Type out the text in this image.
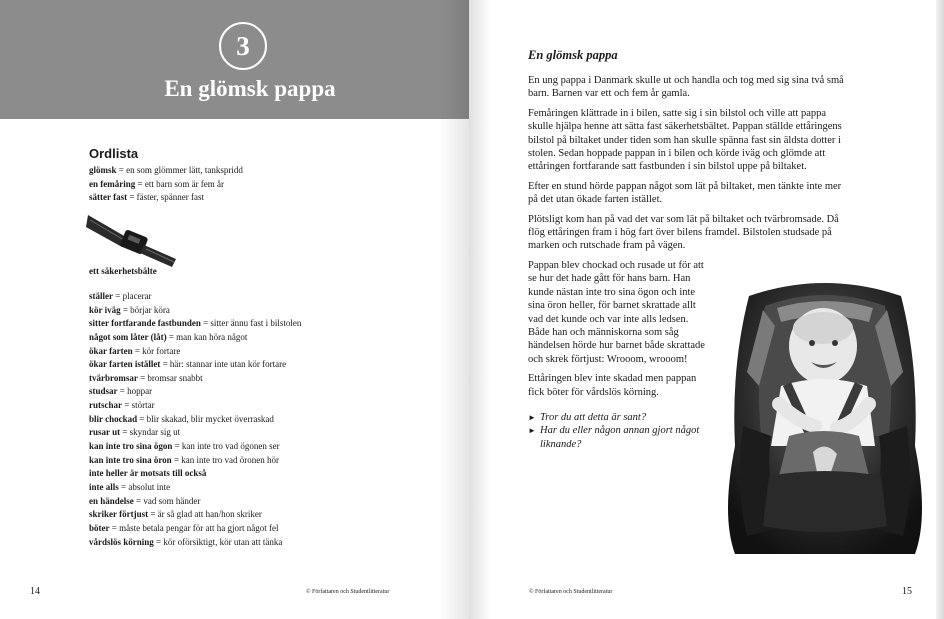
3
En glömsk pappa
Ordlista
glömsk = en som glömmer lätt, tankspridd
en femåring = ett barn som är fem år
sätter fast = fäster, spänner fast
ett säkerhetsbälte
ställer = placerar
kör iväg = börjar köra
sitter fortfarande fastbunden = sitter ännu fast i bilstolen
något som låter (låt) = man kan höra något
ökar farten = kör fortare
ökar farten istället = här: stannar inte utan kör fortare
tvärbromsar = bromsar snabbt
studsar = hoppar
rutschar = störtar
blir chockad = blir skakad, blir mycket överraskad
rusar ut = skyndar sig ut
kan inte tro sina ögon = kan inte tro vad ögonen ser
kan inte tro sina öron = kan inte tro vad öronen hör
inte heller är motsats till också
inte alls = absolut inte
en händelse = vad som händer
skriker förtjust = är så glad att han/hon skriker
böter = måste betala pengar för att ha gjort något fel
vårdslös körning = kör oförsiktigt, kör utan att tänka
14	© Författaren och Studentlitteratur
En glömsk pappa

En ung pappa i Danmark skulle ut och handla och tog med sig sina två små barn. Barnen var ett och fem år gamla.

Femåringen klättrade in i bilen, satte sig i sin bilstol och ville att pappa skulle hjälpa henne att sätta fast säkerhetsbältet. Pappan ställde ettåringens bilstol på biltaket under tiden som han skulle spänna fast sin äldsta dotter i stolen. Sedan hoppade pappan in i bilen och körde iväg och glömde att ettåringen fortfarande satt fastbunden i sin bilstol uppe på biltaket.

Efter en stund hörde pappan något som lät på biltaket, men tänkte inte mer på det utan ökade farten istället.

Plötsligt kom han på vad det var som lät på biltaket och tvärbromsade. Då flög ettåringen fram i hög fart över bilens framdel. Bilstolen studsade på marken och rutschade fram på vägen.

Pappan blev chockad och rusade ut för att se hur det hade gått för hans barn. Han kunde nästan inte tro sina ögon och inte sina öron heller, för barnet skrattade allt vad det kunde och var inte alls ledsen. Både han och människorna som såg händelsen hörde hur barnet både skrattade och skrek förtjust: Wrooom, wrooom!

Ettåringen blev inte skadad men pappan fick böter för vårdslös körning.

► Tror du att detta är sant?
► Har du eller någon annan gjort något liknande?
© Författaren och Studentlitteratur	15
